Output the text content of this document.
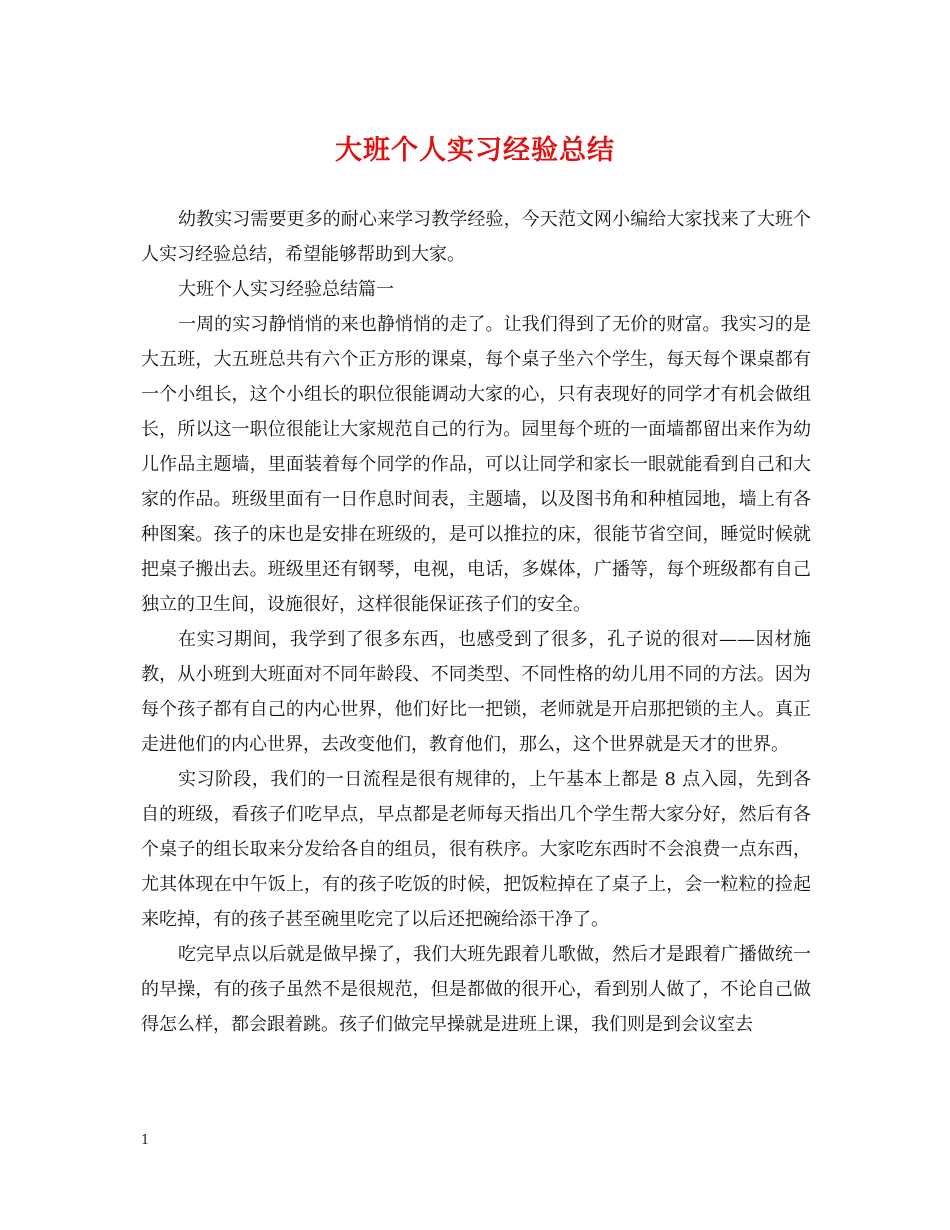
大班个人实习经验总结

幼教实习需要更多的耐心来学习教学经验，今天范文网小编给大家找来了大班个人实习经验总结，希望能够帮助到大家。

大班个人实习经验总结篇一

一周的实习静悄悄的来也静悄悄的走了。让我们得到了无价的财富。我实习的是大五班，大五班总共有六个正方形的课桌，每个桌子坐六个学生，每天每个课桌都有一个小组长，这个小组长的职位很能调动大家的心，只有表现好的同学才有机会做组长，所以这一职位很能让大家规范自己的行为。园里每个班的一面墙都留出来作为幼儿作品主题墙，里面装着每个同学的作品，可以让同学和家长一眼就能看到自己和大家的作品。班级里面有一日作息时间表，主题墙，以及图书角和种植园地，墙上有各种图案。孩子的床也是安排在班级的，是可以推拉的床，很能节省空间，睡觉时候就把桌子搬出去。班级里还有钢琴，电视，电话，多媒体，广播等，每个班级都有自己独立的卫生间，设施很好，这样很能保证孩子们的安全。

在实习期间，我学到了很多东西，也感受到了很多，孔子说的很对——因材施教，从小班到大班面对不同年龄段、不同类型、不同性格的幼儿用不同的方法。因为每个孩子都有自己的内心世界，他们好比一把锁，老师就是开启那把锁的主人。真正走进他们的内心世界，去改变他们，教育他们，那么，这个世界就是天才的世界。

实习阶段，我们的一日流程是很有规律的，上午基本上都是 8 点入园，先到各自的班级，看孩子们吃早点，早点都是老师每天指出几个学生帮大家分好，然后有各个桌子的组长取来分发给各自的组员，很有秩序。大家吃东西时不会浪费一点东西，尤其体现在中午饭上，有的孩子吃饭的时候，把饭粒掉在了桌子上，会一粒粒的捡起来吃掉，有的孩子甚至碗里吃完了以后还把碗给添干净了。

吃完早点以后就是做早操了，我们大班先跟着儿歌做，然后才是跟着广播做统一的早操，有的孩子虽然不是很规范，但是都做的很开心，看到别人做了，不论自己做得怎么样，都会跟着跳。孩子们做完早操就是进班上课，我们则是到会议室去

1
